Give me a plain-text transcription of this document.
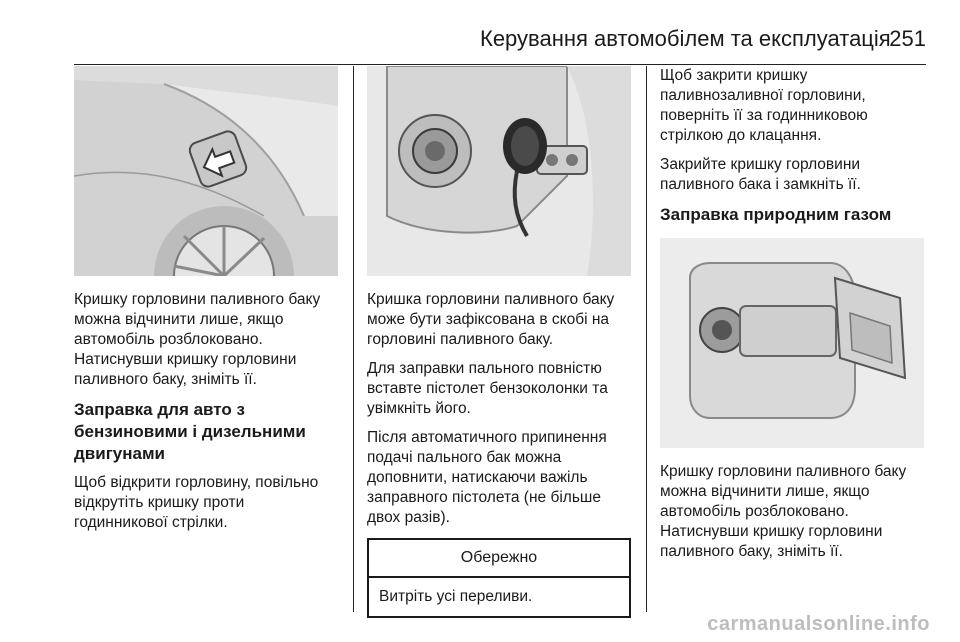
Керування автомобілем та експлуатація
251

Кришку горловини паливного баку можна відчинити лише, якщо автомобіль розблоковано. Натиснувши кришку горловини паливного баку, зніміть її.

Заправка для авто з бензиновими і дизельними двигунами

Щоб відкрити горловину, повільно відкрутіть кришку проти годинникової стрілки.

Кришка горловини паливного баку може бути зафіксована в скобі на горловині паливного баку.

Для заправки пального повністю вставте пістолет бензоколонки та увімкніть його.

Після автоматичного припинення подачі пального бак можна доповнити, натискаючи важіль заправного пістолета (не більше двох разів).

Обережно
Витріть усі переливи.

Щоб закрити кришку паливнозаливної горловини, поверніть її за годинниковою стрілкою до клацання.

Закрийте кришку горловини паливного бака і замкніть її.

Заправка природним газом

Кришку горловини паливного баку можна відчинити лише, якщо автомобіль розблоковано. Натиснувши кришку горловини паливного баку, зніміть її.

carmanualsonline.info
